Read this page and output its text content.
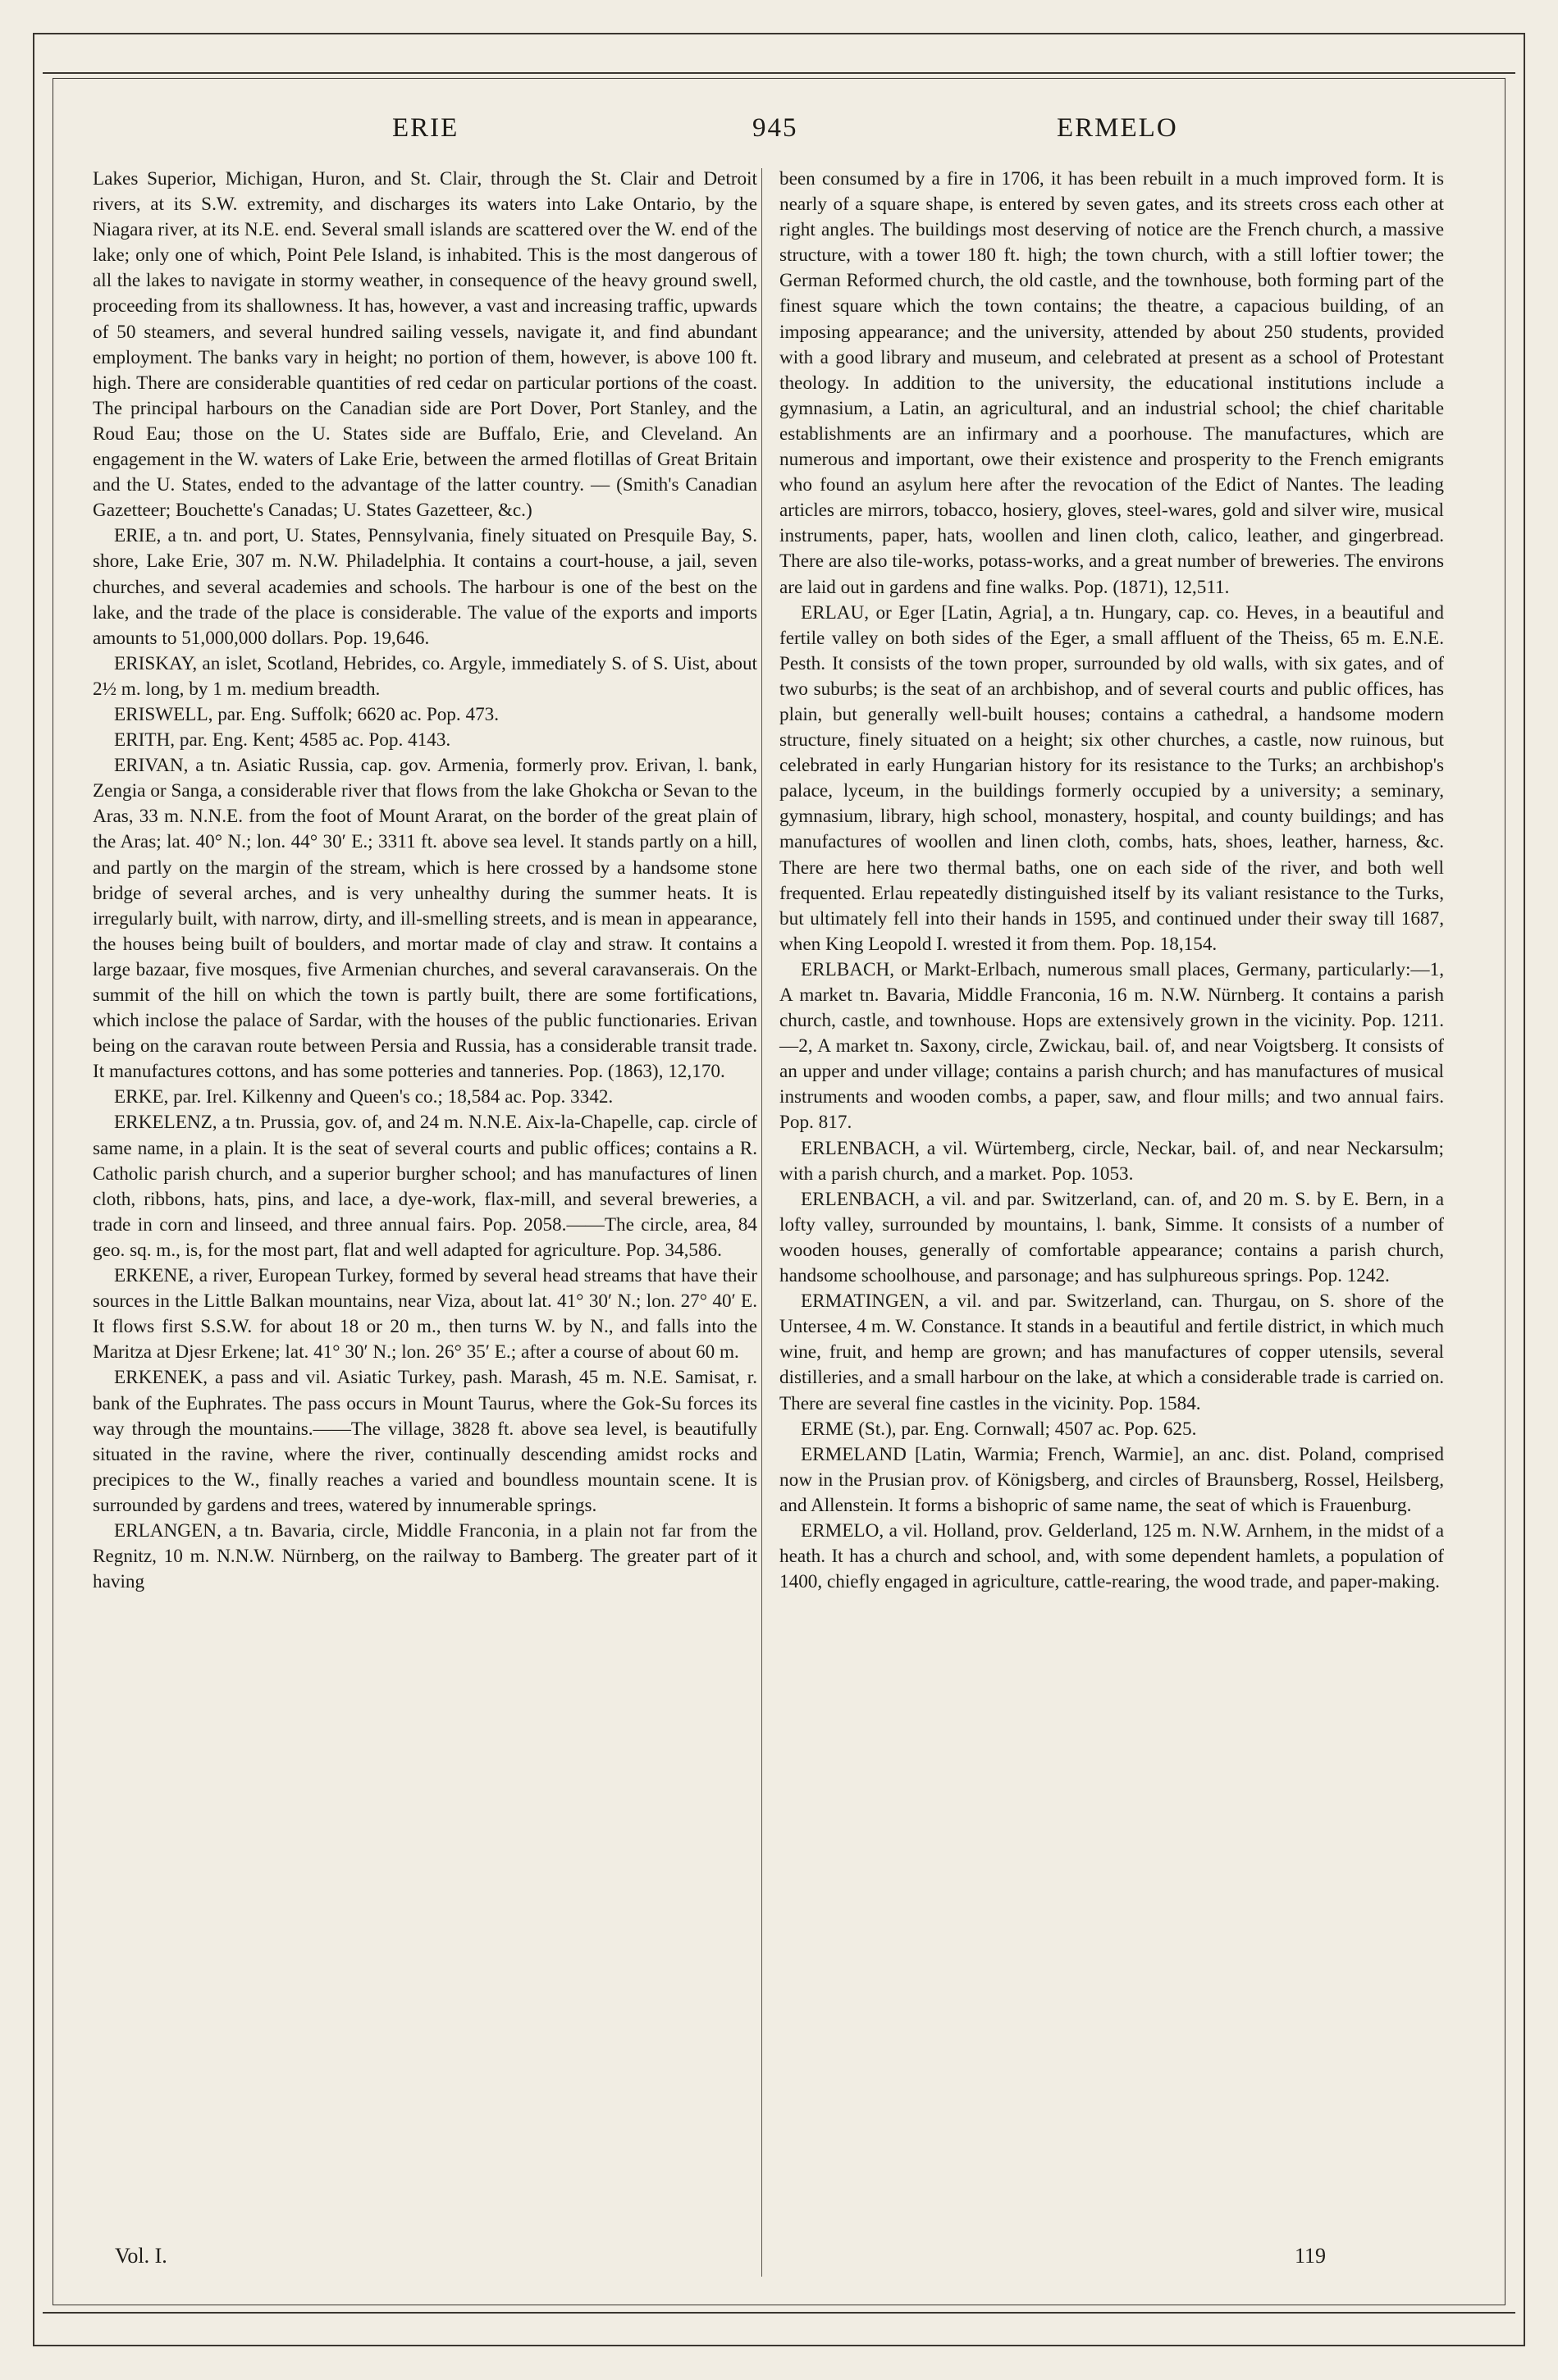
ERIE	945	ERMELO

Lakes Superior, Michigan, Huron, and St. Clair, through the St. Clair and Detroit rivers, at its S.W. extremity, and discharges its waters into Lake Ontario, by the Niagara river, at its N.E. end. Several small islands are scattered over the W. end of the lake; only one of which, Point Pele Island, is inhabited. This is the most dangerous of all the lakes to navigate in stormy weather, in consequence of the heavy ground swell, proceeding from its shallowness. It has, however, a vast and increasing traffic, upwards of 50 steamers, and several hundred sailing vessels, navigate it, and find abundant employment. The banks vary in height; no portion of them, however, is above 100 ft. high. There are considerable quantities of red cedar on particular portions of the coast. The principal harbours on the Canadian side are Port Dover, Port Stanley, and the Roud Eau; those on the U. States side are Buffalo, Erie, and Cleveland. An engagement in the W. waters of Lake Erie, between the armed flotillas of Great Britain and the U. States, ended to the advantage of the latter country. — (Smith's Canadian Gazetteer; Bouchette's Canadas; U. States Gazetteer, &c.)

ERIE, a tn. and port, U. States, Pennsylvania, finely situated on Presquile Bay, S. shore, Lake Erie, 307 m. N.W. Philadelphia. It contains a court-house, a jail, seven churches, and several academies and schools. The harbour is one of the best on the lake, and the trade of the place is considerable. The value of the exports and imports amounts to 51,000,000 dollars. Pop. 19,646.

ERISKAY, an islet, Scotland, Hebrides, co. Argyle, immediately S. of S. Uist, about 2½ m. long, by 1 m. medium breadth.

ERISWELL, par. Eng. Suffolk; 6620 ac. Pop. 473.

ERITH, par. Eng. Kent; 4585 ac. Pop. 4143.

ERIVAN, a tn. Asiatic Russia, cap. gov. Armenia, formerly prov. Erivan, l. bank, Zengia or Sanga, a considerable river that flows from the lake Ghokcha or Sevan to the Aras, 33 m. N.N.E. from the foot of Mount Ararat, on the border of the great plain of the Aras; lat. 40° N.; lon. 44° 30′ E.; 3311 ft. above sea level. It stands partly on a hill, and partly on the margin of the stream, which is here crossed by a handsome stone bridge of several arches, and is very unhealthy during the summer heats. It is irregularly built, with narrow, dirty, and ill-smelling streets, and is mean in appearance, the houses being built of boulders, and mortar made of clay and straw. It contains a large bazaar, five mosques, five Armenian churches, and several caravanserais. On the summit of the hill on which the town is partly built, there are some fortifications, which inclose the palace of Sardar, with the houses of the public functionaries. Erivan being on the caravan route between Persia and Russia, has a considerable transit trade. It manufactures cottons, and has some potteries and tanneries. Pop. (1863), 12,170.

ERKE, par. Irel. Kilkenny and Queen's co.; 18,584 ac. Pop. 3342.

ERKELENZ, a tn. Prussia, gov. of, and 24 m. N.N.E. Aix-la-Chapelle, cap. circle of same name, in a plain. It is the seat of several courts and public offices; contains a R. Catholic parish church, and a superior burgher school; and has manufactures of linen cloth, ribbons, hats, pins, and lace, a dye-work, flax-mill, and several breweries, a trade in corn and linseed, and three annual fairs. Pop. 2058.——The circle, area, 84 geo. sq. m., is, for the most part, flat and well adapted for agriculture. Pop. 34,586.

ERKENE, a river, European Turkey, formed by several head streams that have their sources in the Little Balkan mountains, near Viza, about lat. 41° 30′ N.; lon. 27° 40′ E. It flows first S.S.W. for about 18 or 20 m., then turns W. by N., and falls into the Maritza at Djesr Erkene; lat. 41° 30′ N.; lon. 26° 35′ E.; after a course of about 60 m.

ERKENEK, a pass and vil. Asiatic Turkey, pash. Marash, 45 m. N.E. Samisat, r. bank of the Euphrates. The pass occurs in Mount Taurus, where the Gok-Su forces its way through the mountains.——The village, 3828 ft. above sea level, is beautifully situated in the ravine, where the river, continually descending amidst rocks and precipices to the W., finally reaches a varied and boundless mountain scene. It is surrounded by gardens and trees, watered by innumerable springs.

ERLANGEN, a tn. Bavaria, circle, Middle Franconia, in a plain not far from the Regnitz, 10 m. N.N.W. Nürnberg, on the railway to Bamberg. The greater part of it having

been consumed by a fire in 1706, it has been rebuilt in a much improved form. It is nearly of a square shape, is entered by seven gates, and its streets cross each other at right angles. The buildings most deserving of notice are the French church, a massive structure, with a tower 180 ft. high; the town church, with a still loftier tower; the German Reformed church, the old castle, and the townhouse, both forming part of the finest square which the town contains; the theatre, a capacious building, of an imposing appearance; and the university, attended by about 250 students, provided with a good library and museum, and celebrated at present as a school of Protestant theology. In addition to the university, the educational institutions include a gymnasium, a Latin, an agricultural, and an industrial school; the chief charitable establishments are an infirmary and a poorhouse. The manufactures, which are numerous and important, owe their existence and prosperity to the French emigrants who found an asylum here after the revocation of the Edict of Nantes. The leading articles are mirrors, tobacco, hosiery, gloves, steel-wares, gold and silver wire, musical instruments, paper, hats, woollen and linen cloth, calico, leather, and gingerbread. There are also tile-works, potass-works, and a great number of breweries. The environs are laid out in gardens and fine walks. Pop. (1871), 12,511.

ERLAU, or Eger [Latin, Agria], a tn. Hungary, cap. co. Heves, in a beautiful and fertile valley on both sides of the Eger, a small affluent of the Theiss, 65 m. E.N.E. Pesth. It consists of the town proper, surrounded by old walls, with six gates, and of two suburbs; is the seat of an archbishop, and of several courts and public offices, has plain, but generally well-built houses; contains a cathedral, a handsome modern structure, finely situated on a height; six other churches, a castle, now ruinous, but celebrated in early Hungarian history for its resistance to the Turks; an archbishop's palace, lyceum, in the buildings formerly occupied by a university; a seminary, gymnasium, library, high school, monastery, hospital, and county buildings; and has manufactures of woollen and linen cloth, combs, hats, shoes, leather, harness, &c. There are here two thermal baths, one on each side of the river, and both well frequented. Erlau repeatedly distinguished itself by its valiant resistance to the Turks, but ultimately fell into their hands in 1595, and continued under their sway till 1687, when King Leopold I. wrested it from them. Pop. 18,154.

ERLBACH, or Markt-Erlbach, numerous small places, Germany, particularly:—1, A market tn. Bavaria, Middle Franconia, 16 m. N.W. Nürnberg. It contains a parish church, castle, and townhouse. Hops are extensively grown in the vicinity. Pop. 1211.—2, A market tn. Saxony, circle, Zwickau, bail. of, and near Voigtsberg. It consists of an upper and under village; contains a parish church; and has manufactures of musical instruments and wooden combs, a paper, saw, and flour mills; and two annual fairs. Pop. 817.

ERLENBACH, a vil. Würtemberg, circle, Neckar, bail. of, and near Neckarsulm; with a parish church, and a market. Pop. 1053.

ERLENBACH, a vil. and par. Switzerland, can. of, and 20 m. S. by E. Bern, in a lofty valley, surrounded by mountains, l. bank, Simme. It consists of a number of wooden houses, generally of comfortable appearance; contains a parish church, handsome schoolhouse, and parsonage; and has sulphureous springs. Pop. 1242.

ERMATINGEN, a vil. and par. Switzerland, can. Thurgau, on S. shore of the Untersee, 4 m. W. Constance. It stands in a beautiful and fertile district, in which much wine, fruit, and hemp are grown; and has manufactures of copper utensils, several distilleries, and a small harbour on the lake, at which a considerable trade is carried on. There are several fine castles in the vicinity. Pop. 1584.

ERME (St.), par. Eng. Cornwall; 4507 ac. Pop. 625.

ERMELAND [Latin, Warmia; French, Warmie], an anc. dist. Poland, comprised now in the Prusian prov. of Königsberg, and circles of Braunsberg, Rossel, Heilsberg, and Allenstein. It forms a bishopric of same name, the seat of which is Frauenburg.

ERMELO, a vil. Holland, prov. Gelderland, 125 m. N.W. Arnhem, in the midst of a heath. It has a church and school, and, with some dependent hamlets, a population of 1400, chiefly engaged in agriculture, cattle-rearing, the wood trade, and paper-making.

Vol. I.	119
